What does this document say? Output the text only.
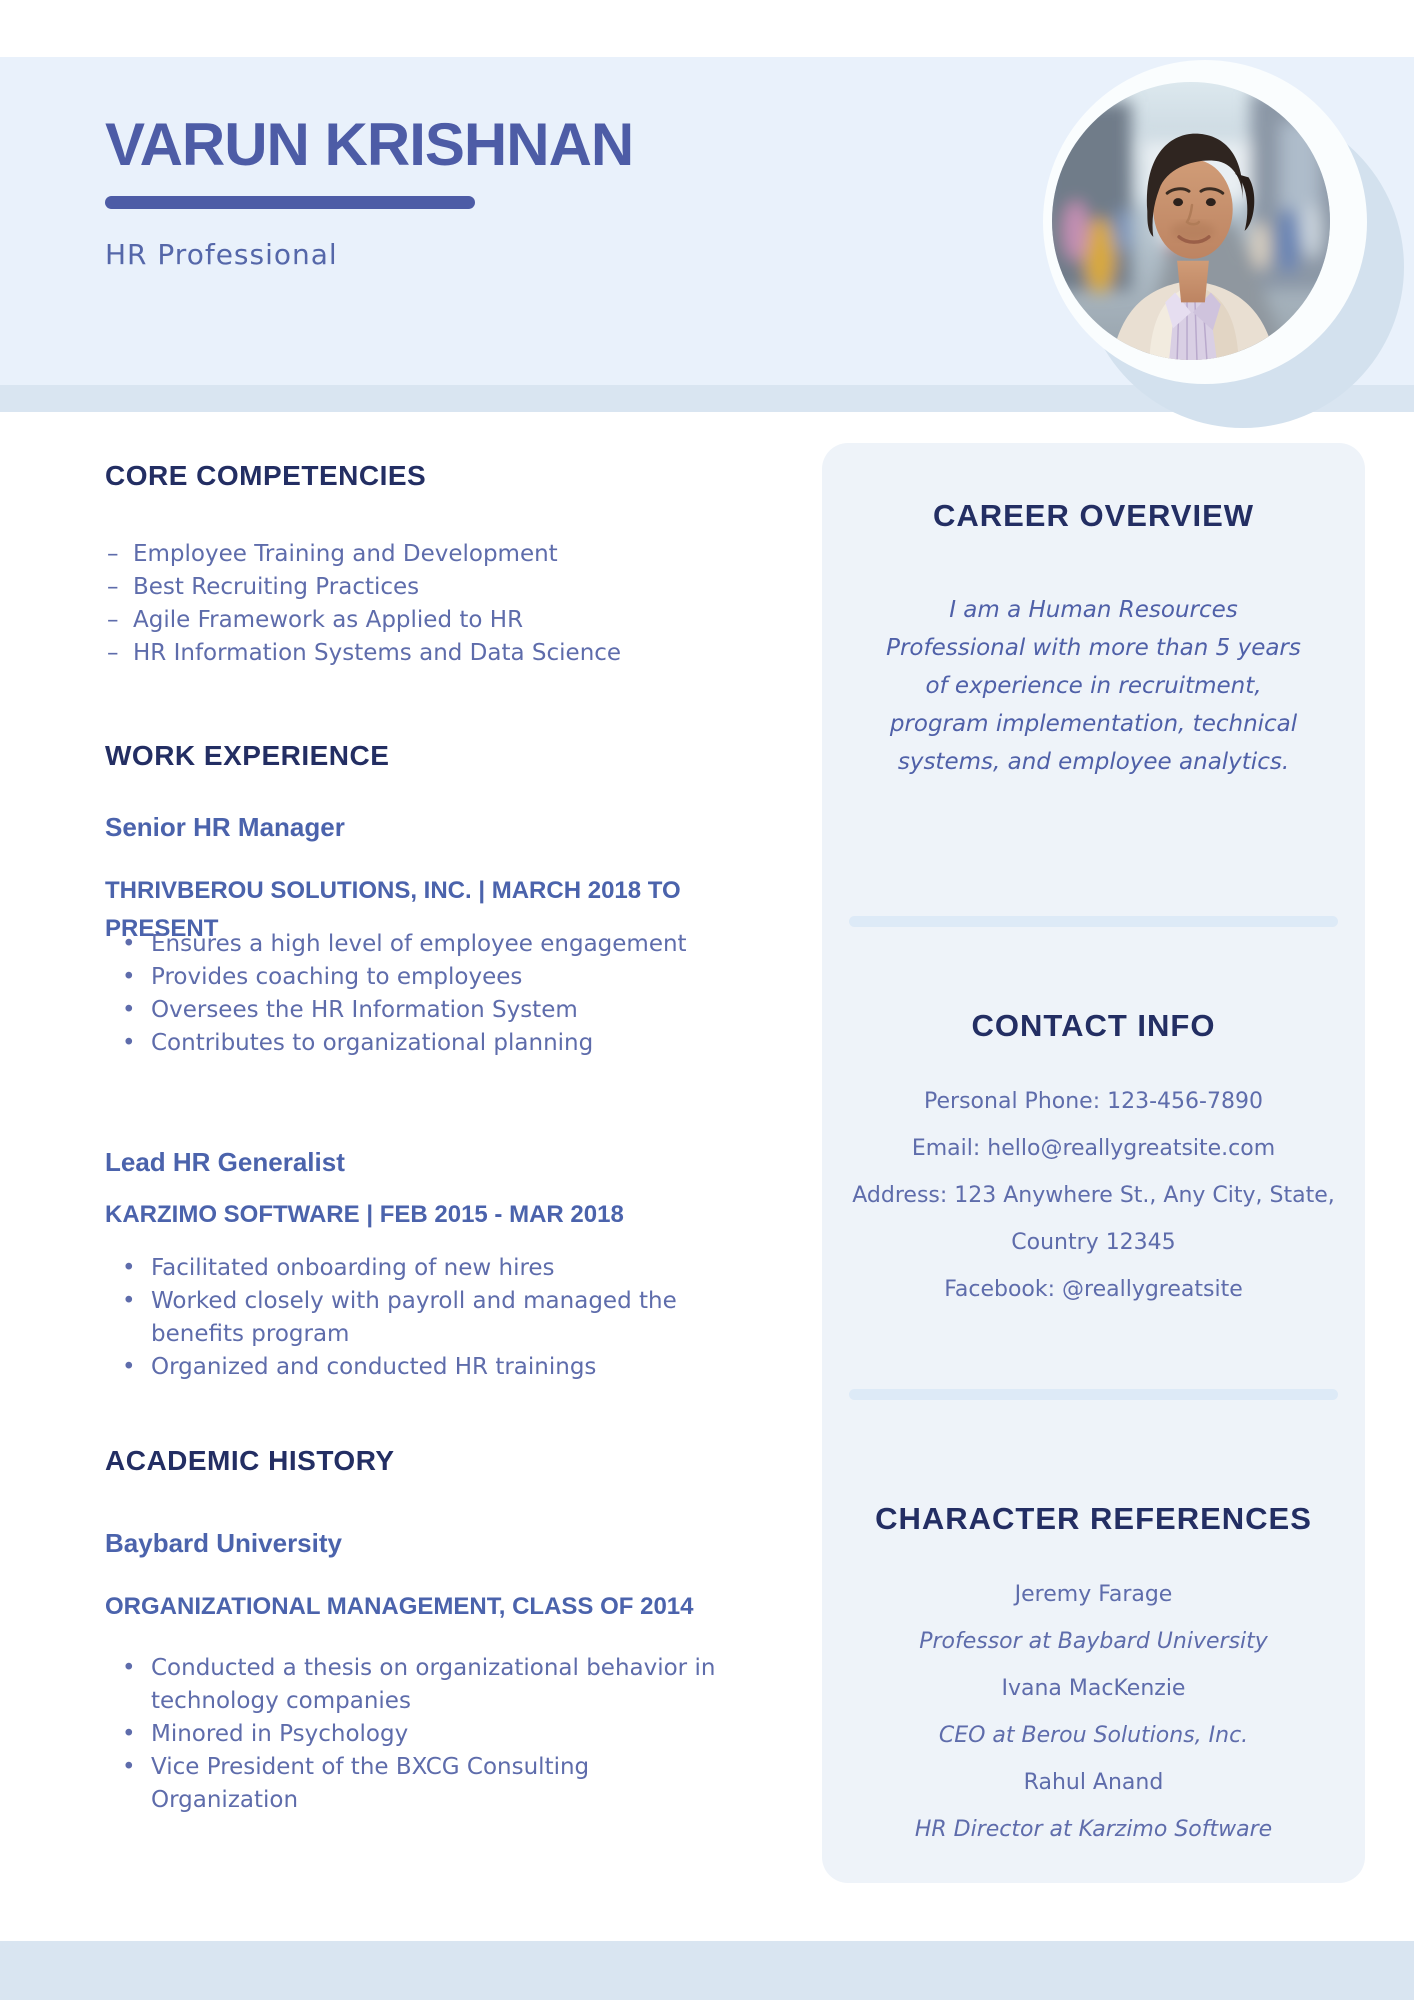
VARUN KRISHNAN
HR Professional
CORE COMPETENCIES
– Employee Training and Development
– Best Recruiting Practices
– Agile Framework as Applied to HR
– HR Information Systems and Data Science
WORK EXPERIENCE
Senior HR Manager
THRIVBEROU SOLUTIONS, INC. | MARCH 2018 TO PRESENT
• Ensures a high level of employee engagement
• Provides coaching to employees
• Oversees the HR Information System
• Contributes to organizational planning
Lead HR Generalist
KARZIMO SOFTWARE | FEB 2015 - MAR 2018
• Facilitated onboarding of new hires
• Worked closely with payroll and managed the benefits program
• Organized and conducted HR trainings
ACADEMIC HISTORY
Baybard University
ORGANIZATIONAL MANAGEMENT, CLASS OF 2014
• Conducted a thesis on organizational behavior in technology companies
• Minored in Psychology
• Vice President of the BXCG Consulting Organization
CAREER OVERVIEW
I am a Human Resources Professional with more than 5 years of experience in recruitment, program implementation, technical systems, and employee analytics.
CONTACT INFO
Personal Phone: 123-456-7890
Email: hello@reallygreatsite.com
Address: 123 Anywhere St., Any City, State, Country 12345
Facebook: @reallygreatsite
CHARACTER REFERENCES
Jeremy Farage
Professor at Baybard University
Ivana MacKenzie
CEO at Berou Solutions, Inc.
Rahul Anand
HR Director at Karzimo Software
